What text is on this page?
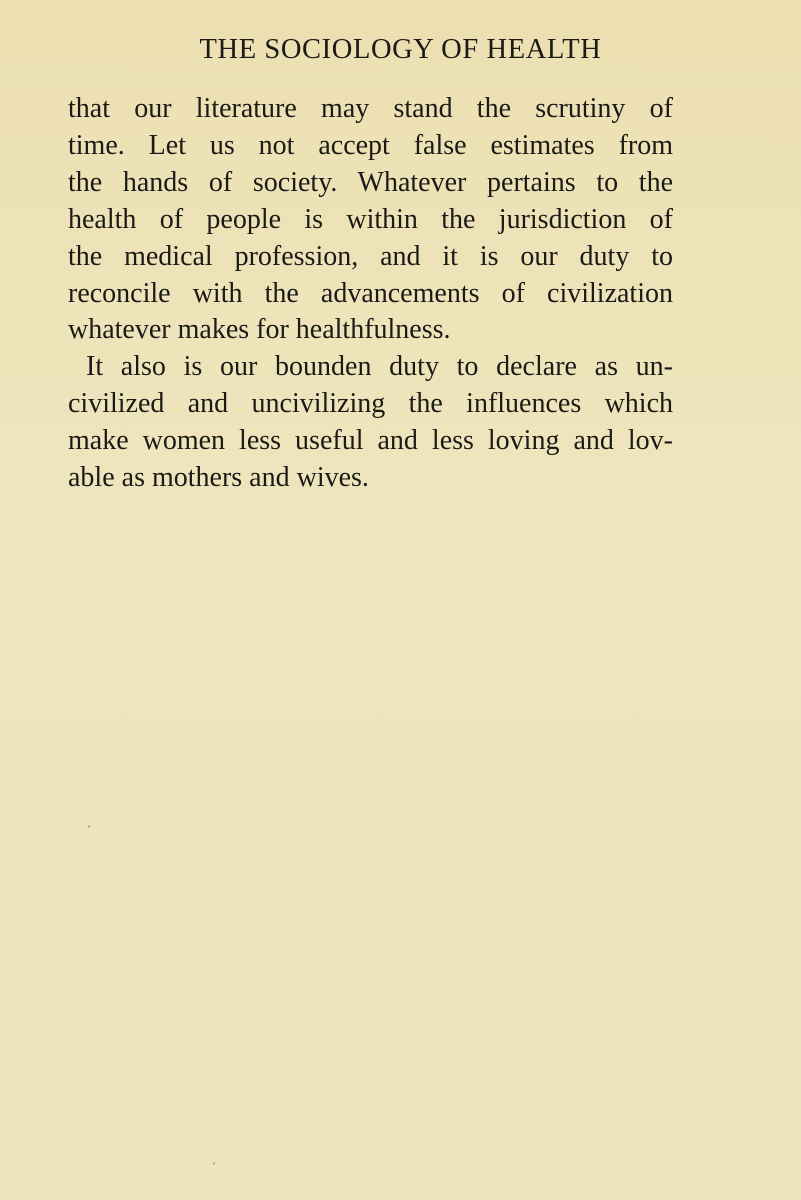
THE SOCIOLOGY OF HEALTH
that our literature may stand the scrutiny of
time. Let us not accept false estimates from
the hands of society. Whatever pertains to the
health of people is within the jurisdiction of
the medical profession, and it is our duty to
reconcile with the advancements of civilization
whatever makes for healthfulness.
It also is our bounden duty to declare as un-
civilized and uncivilizing the influences which
make women less useful and less loving and lov-
able as mothers and wives.
